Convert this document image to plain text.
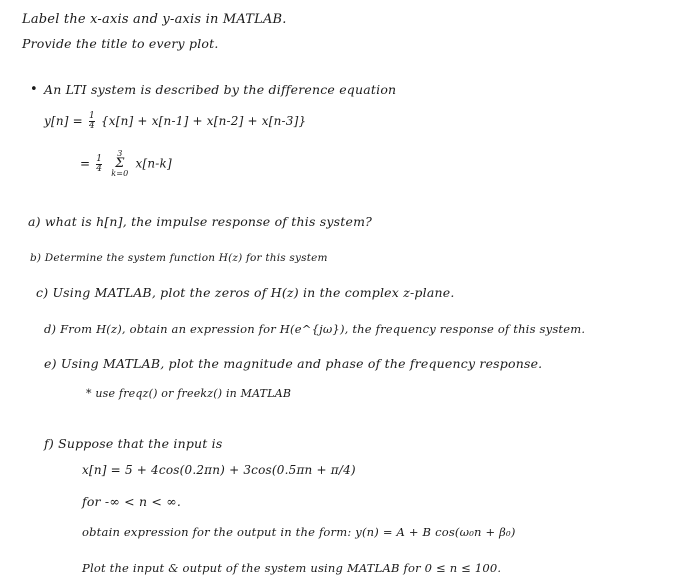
Label the x-axis and y-axis in MATLAB.
Provide the title to every plot.
• An LTI system is described by the difference equation
$y[n] = \frac{1}{4} \{x[n] + x[n-1] + x[n-2] + x[n-3]\}$
= $\frac{1}{4}$
3
Σ
k=0 x[n-k]
a) what is h[n], the impulse response of this system?
b) Determine the system function H(z) for this system
c) Using MATLAB, plot the zeros of H(z) in the complex z-plane.
d) From H(z), obtain an expression for H(e^{jω}), the frequency response of this system.
e) Using MATLAB, plot the magnitude and phase of the frequency response.
* use freqz() or freekz() in MATLAB
f) Suppose that the input is
x[n] = 5 + 4cos(0.2πn) + 3cos(0.5πn + π/4)
for -∞ < n < ∞.
obtain expression for the output in the form: y(n) = A + B cos(ω₀n + β₀)
Plot the input & output of the system using MATLAB for 0 ≤ n ≤ 100.
